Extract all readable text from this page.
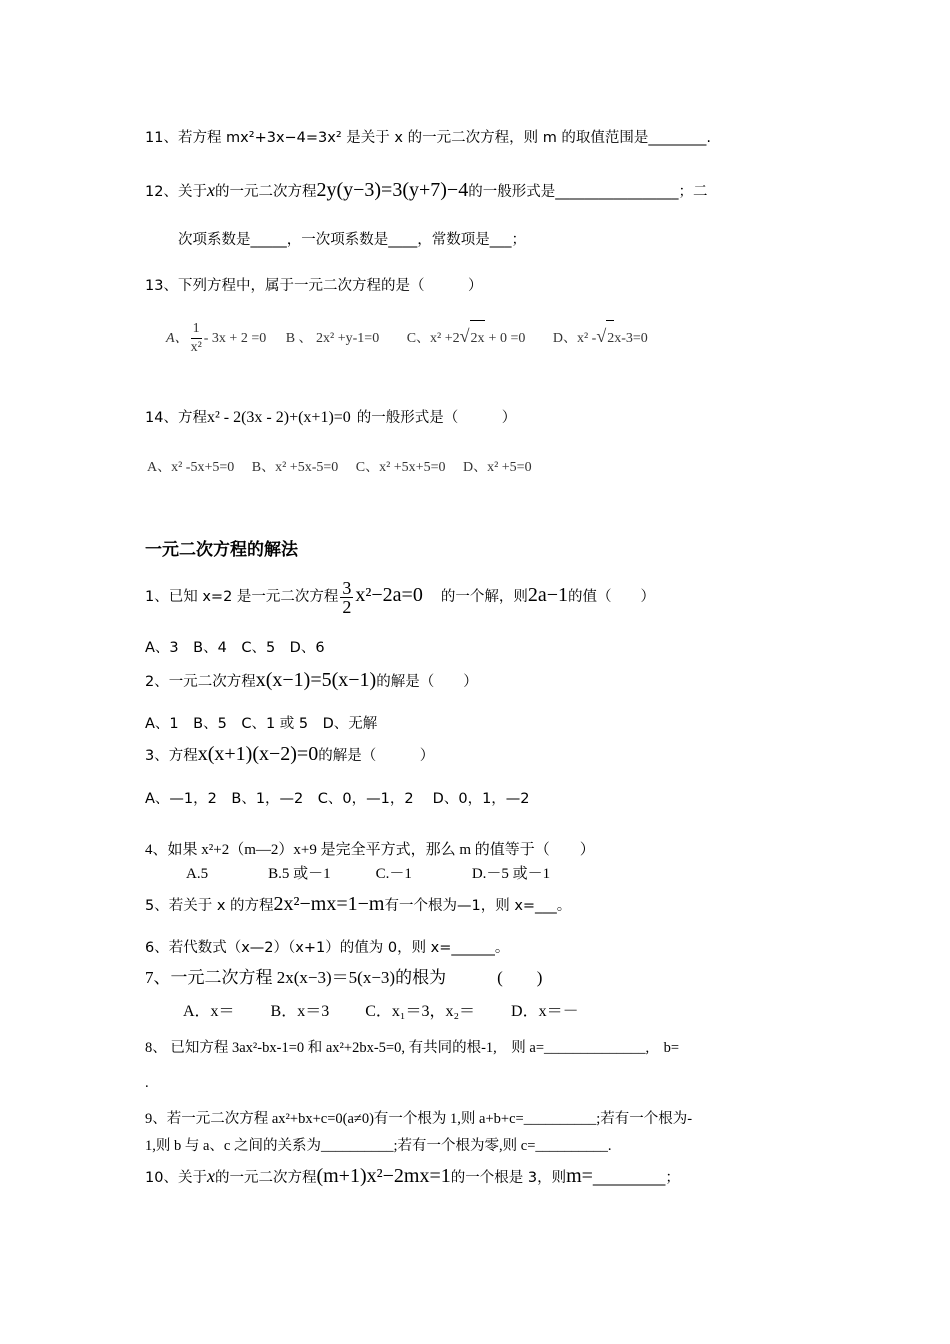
11、若方程 mx²+3x−4=3x² 是关于 x 的一元二次方程，则 m 的取值范围是________.
12、关于x的一元二次方程2y(y−3)=3(y+7)−4的一般形式是_________________；二
次项系数是_____，一次项系数是____，常数项是___；
13、下列方程中，属于一元二次方程的是（　　　）
A、 $\frac{1}{\text{x²}} - 3x + 2 =0$ B 、 2x² +y-1=0 C、x² +2√2x + 0 =0 D、x² -√2x-3=0
14、方程x² - 2(3x - 2)+(x+1)=0 的一般形式是（　　　）
A、x² -5x+5=0　 B、x² +5x-5=0　 C、x² +5x+5=0　 D、x² +5=0
一元二次方程的解法
1、已知 x=2 是一元二次方程 $\frac{3}{2} x^2-2a=0$ 的一个解，则2a−1的值（　　）
A、3　B、4　C、5　D、6
2、一元二次方程x(x−1)=5(x−1)的解是（　　）
A、1　B、5　C、1 或 5　D、无解
3、方程x(x+1)(x−2)=0的解是（　　　）
A、—1，2　B、1，—2　C、0，—1，2　 D、0，1，—2
4、如果 x²+2（m—2）x+9 是完全平方式，那么 m 的值等于（　　）
A.5　　　　B.5 或－1　　　C.－1　　　　D.－5 或－1
5、若关于 x 的方程2x²−mx=1−m有一个根为—1，则 x=___。
6、若代数式（x—2）（x+1）的值为 0，则 x=______。
7、一元二次方程 2x(x−3)＝5(x−3)的根为　　　(　　)
A．x＝　　 B．x＝3　　 C．x₁＝3，x₂＝　　 D．x＝－
8、 已知方程 3ax²-bx-1=0 和 ax²+2bx-5=0, 有共同的根-1,　则 a=______________,　b=
.
9、若一元二次方程 ax²+bx+c=0(a≠0)有一个根为 1,则 a+b+c=__________;若有一个根为-
1,则 b 与 a、c 之间的关系为__________;若有一个根为零,则 c=__________.
10、关于x的一元二次方程(m+1)x²−2mx=1的一个根是 3，则m=__________；
